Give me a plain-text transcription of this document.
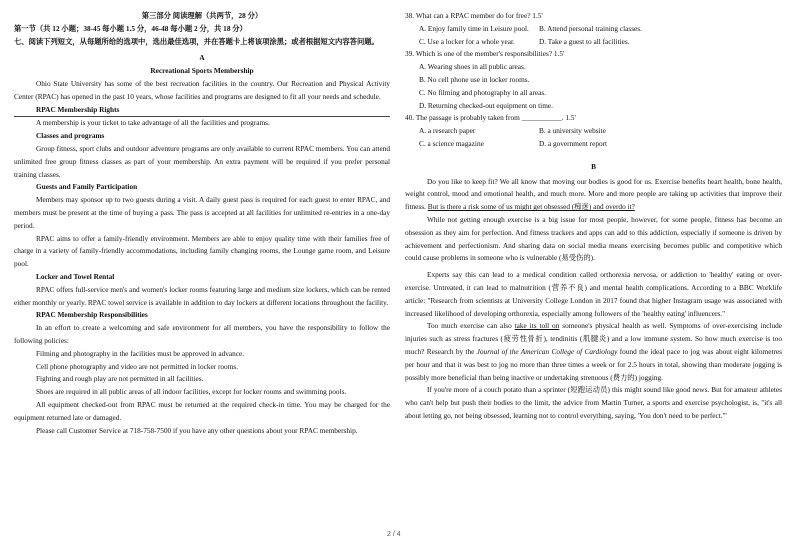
第三部分 阅读理解（共两节，28 分）

第一节（共 12 小题；38-45 每小题 1.5 分，46-48 每小题 2 分，共 18 分）

七、阅读下列短文，从每题所给的选项中，选出最佳选项，并在答题卡上将该项涂黑；或者根据短文内容答问题。

A

Recreational Sports Membership

Ohio State University has some of the best recreation facilities in the country. Our Recreation and Physical Activity Center (RPAC) has opened in the past 10 years, whose facilities and programs are designed to fit all your needs and schedule.

RPAC Membership Rights

A membership is your ticket to take advantage of all the facilities and programs.

Classes and programs

Group fitness, sport clubs and outdoor adventure programs are only available to current RPAC members. You can attend unlimited free group fitness classes as part of your membership. An extra payment will be required if you prefer personal training classes.

Guests and Family Participation

Members may sponsor up to two guests during a visit. A daily guest pass is required for each guest to enter RPAC, and members must be present at the time of buying a pass. The pass is accepted at all facilities for unlimited re-entries in a one-day period.

RPAC aims to offer a family-friendly environment. Members are able to enjoy quality time with their families free of charge in a variety of family-friendly accommodations, including family changing rooms, the Lounge game room, and Leisure pool.

Locker and Towel Rental

RPAC offers full-service men's and women's locker rooms featuring large and medium size lockers, which can be rented either monthly or yearly. RPAC towel service is available in addition to day lockers at different locations throughout the facility.

RPAC Membership Responsibilities

In an effort to create a welcoming and safe environment for all members, you have the responsibility to follow the following policies:

Filming and photography in the facilities must be approved in advance.

Cell phone photography and video are not permitted in locker rooms.

Fighting and rough play are not permitted in all facilities.

Shoes are required in all public areas of all indoor facilities, except for locker rooms and swimming pools.

All equipment checked-out from RPAC must be returned at the required check-in time. You may be charged for the equipment returned late or damaged.

Please call Customer Service at 718-758-7500 if you have any other questions about your RPAC membership.

38. What can a RPAC member do for free? 1.5'

A. Enjoy family time in Leisure pool.	B. Attend personal training classes.
C. Use a locker for a whole year.	D. Take a guest to all facilities.

39. Which is one of the member's responsibilities? 1.5'

A. Wearing shoes in all public areas.

B. No cell phone use in locker rooms.

C. No filming and photography in all areas.

D. Returning checked-out equipment on time.

40. The passage is probably taken from ___________. 1.5'

A. a research paper	B. a university website
C. a science magazine	D. a government report

B

Do you like to keep fit? We all know that moving our bodies is good for us. Exercise benefits heart health, bone health, weight control, mood and emotional health, and much more. More and more people are taking up activities that improve their fitness. But is there a risk some of us might get obsessed (痴迷) and overdo it?

While not getting enough exercise is a big issue for most people, however, for some people, fitness has become an obsession as they aim for perfection. And fitness trackers and apps can add to this addiction, especially if someone is driven by achievement and perfectionism. And sharing data on social media means exercising becomes public and competitive which could cause problems in someone who is vulnerable (易受伤的).

Experts say this can lead to a medical condition called orthorexia nervosa, or addiction to 'healthy' eating or over-exercise. Untreated, it can lead to malnutrition (营养不良) and mental health complications. According to a BBC Worklife article: "Research from scientists at University College London in 2017 found that higher Instagram usage was associated with increased likelihood of developing orthorexia, especially among followers of the 'healthy eating' influencers."

Too much exercise can also take its toll on someone's physical health as well. Symptoms of over-exercising include injuries such as stress fractures (疲劳性骨折), tendinitis (肌腱炎) and a low immune system. So how much exercise is too much? Research by the Journal of the American College of Cardiology found the ideal pace to jog was about eight kilometres per hour and that it was best to jog no more than three times a week or for 2.5 hours in total, showing than moderate jogging is possibly more beneficial than being inactive or undertaking strenuous (费力的) jogging.

If you're more of a couch potato than a sprinter (短跑运动员) this might sound like good news. But for amateur athletes who can't help but push their bodies to the limit, the advice from Martin Turner, a sports and exercise psychologist, is, "it's all about letting go, not being obsessed, learning not to control everything, saying, 'You don't need to be perfect.'"

2 / 4
